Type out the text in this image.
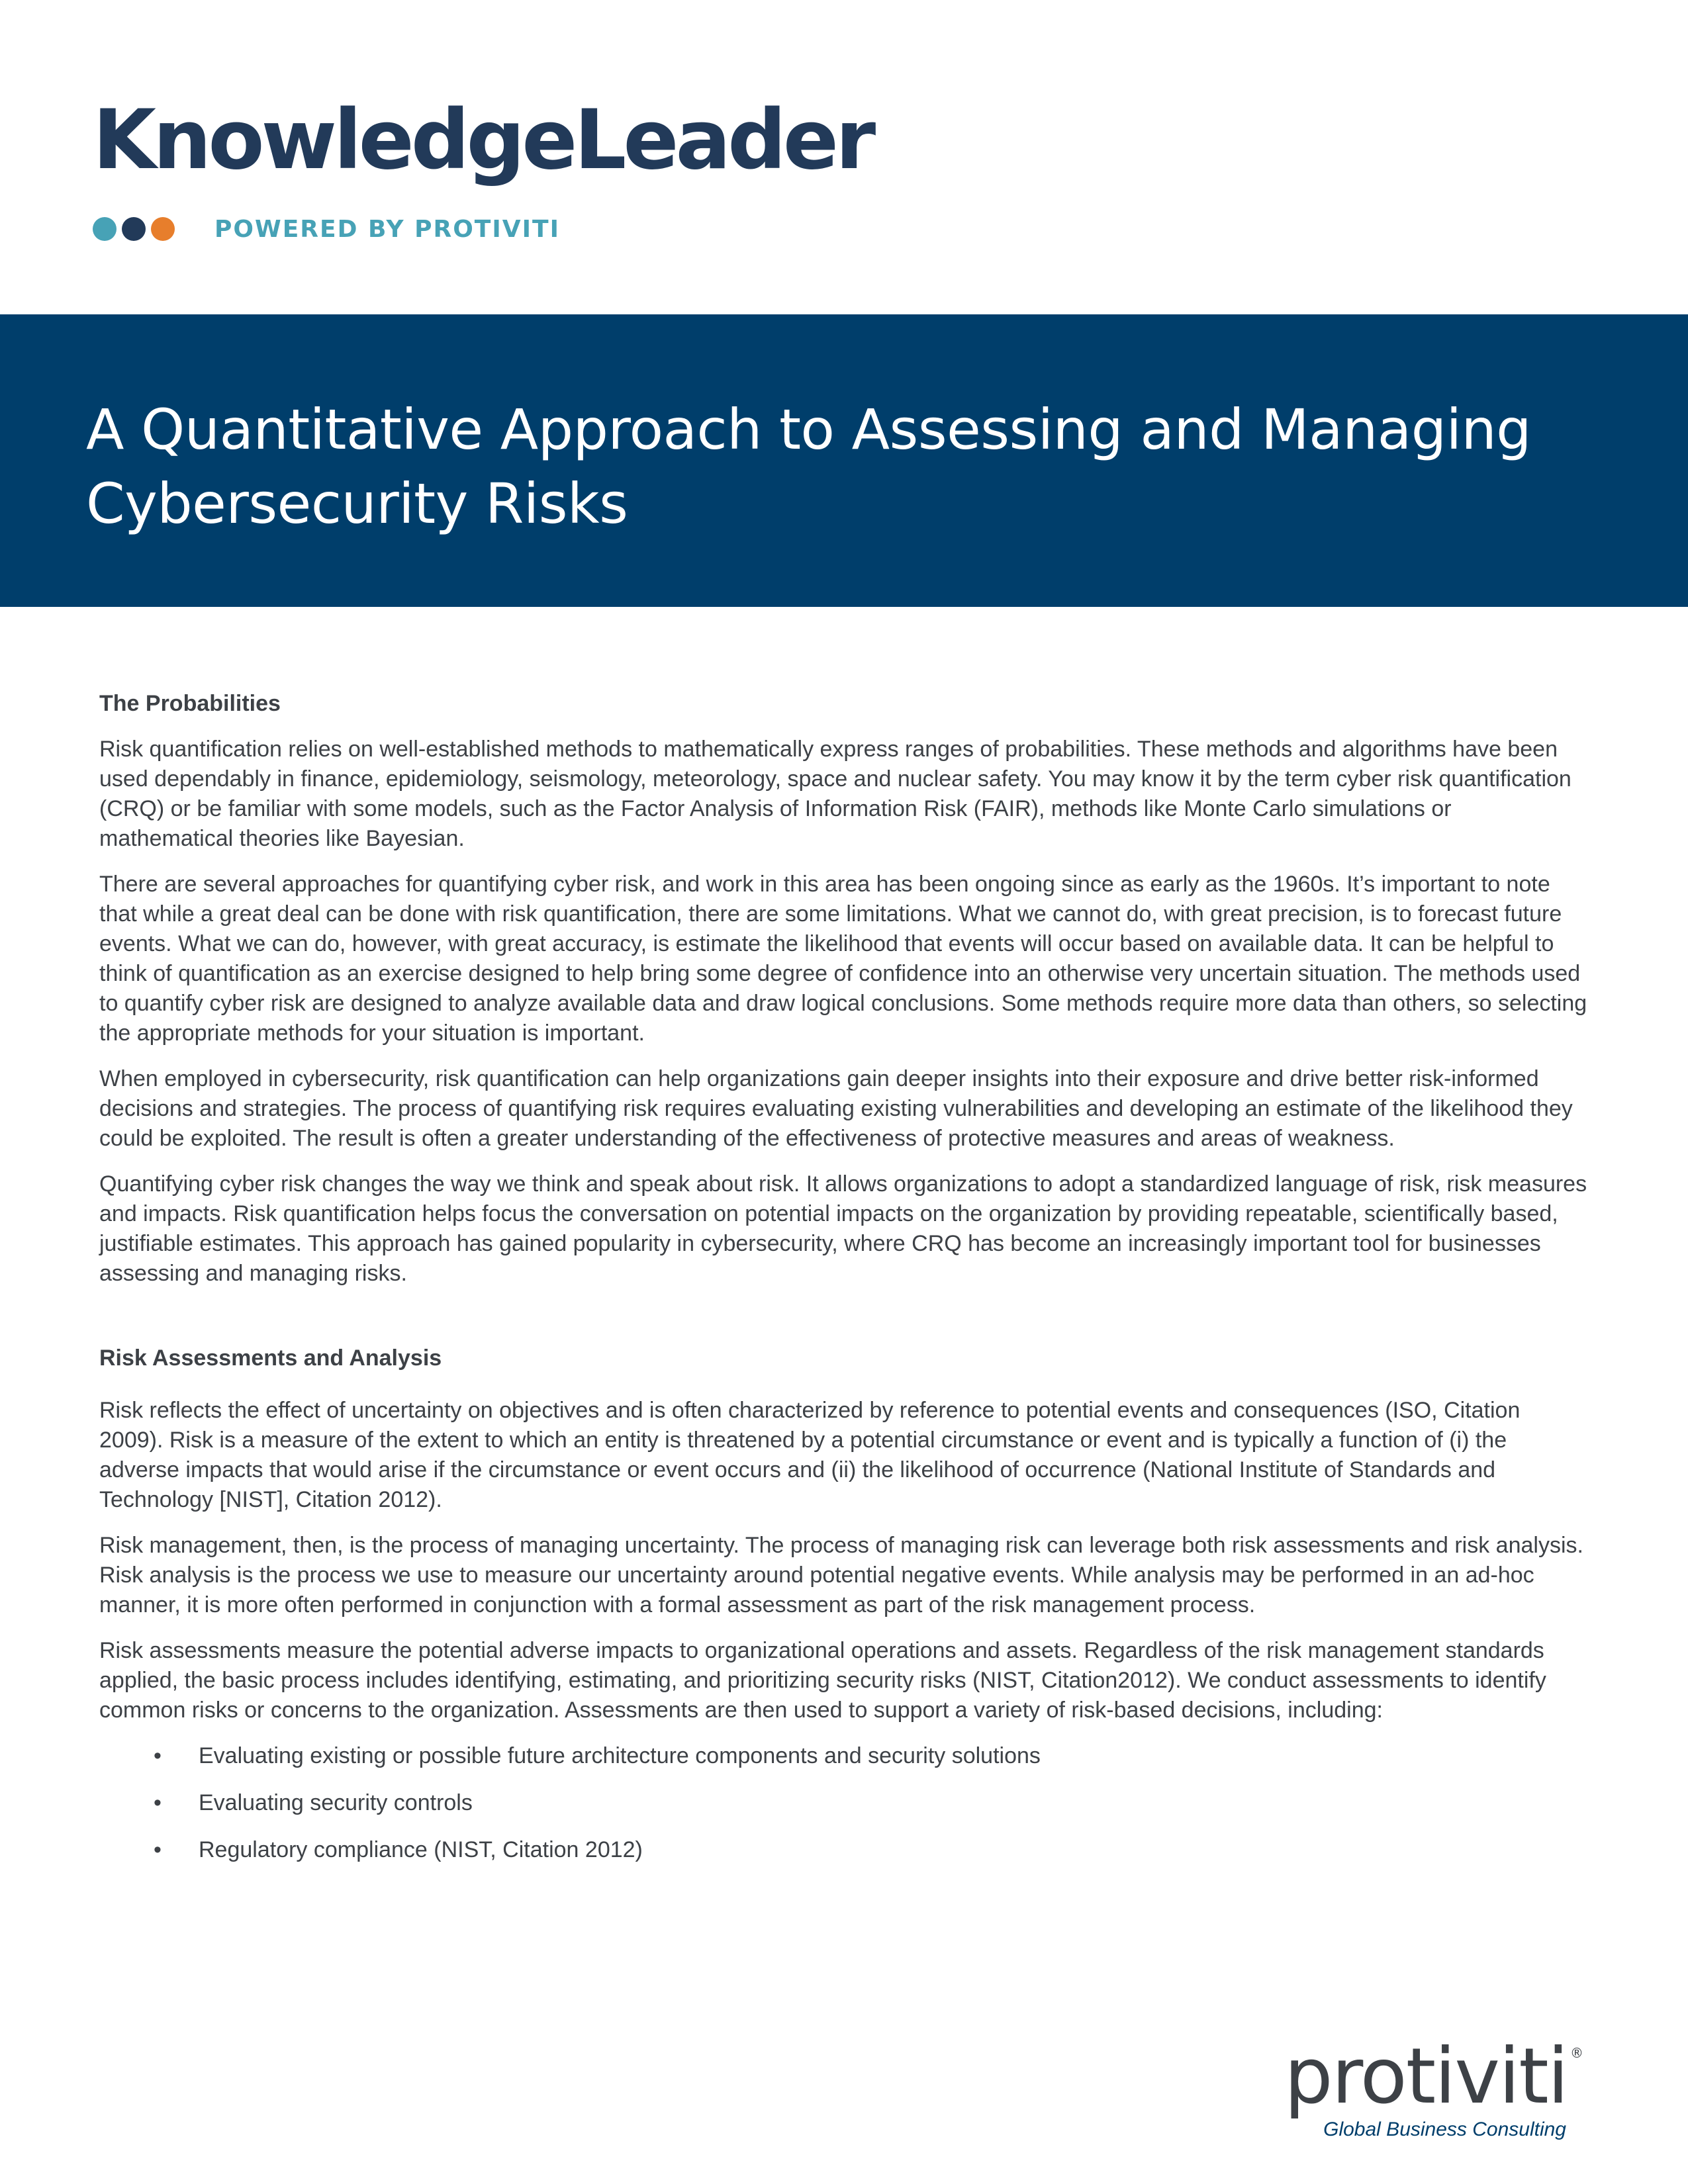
KnowledgeLeader
POWERED BY PROTIVITI
A Quantitative Approach to Assessing and Managing
Cybersecurity Risks
The Probabilities

Risk quantification relies on well-established methods to mathematically express ranges of probabilities. These methods and algorithms have been used dependably in finance, epidemiology, seismology, meteorology, space and nuclear safety. You may know it by the term cyber risk quantification (CRQ) or be familiar with some models, such as the Factor Analysis of Information Risk (FAIR), methods like Monte Carlo simulations or mathematical theories like Bayesian.

There are several approaches for quantifying cyber risk, and work in this area has been ongoing since as early as the 1960s. It’s important to note that while a great deal can be done with risk quantification, there are some limitations. What we cannot do, with great precision, is to forecast future events. What we can do, however, with great accuracy, is estimate the likelihood that events will occur based on available data. It can be helpful to think of quantification as an exercise designed to help bring some degree of confidence into an otherwise very uncertain situation. The methods used to quantify cyber risk are designed to analyze available data and draw logical conclusions. Some methods require more data than others, so selecting the appropriate methods for your situation is important.

When employed in cybersecurity, risk quantification can help organizations gain deeper insights into their exposure and drive better risk-informed decisions and strategies. The process of quantifying risk requires evaluating existing vulnerabilities and developing an estimate of the likelihood they could be exploited. The result is often a greater understanding of the effectiveness of protective measures and areas of weakness.

Quantifying cyber risk changes the way we think and speak about risk. It allows organizations to adopt a standardized language of risk, risk measures and impacts. Risk quantification helps focus the conversation on potential impacts on the organization by providing repeatable, scientifically based, justifiable estimates. This approach has gained popularity in cybersecurity, where CRQ has become an increasingly important tool for businesses assessing and managing risks.

Risk Assessments and Analysis

Risk reflects the effect of uncertainty on objectives and is often characterized by reference to potential events and consequences (ISO, Citation 2009). Risk is a measure of the extent to which an entity is threatened by a potential circumstance or event and is typically a function of (i) the adverse impacts that would arise if the circumstance or event occurs and (ii) the likelihood of occurrence (National Institute of Standards and Technology [NIST], Citation 2012).

Risk management, then, is the process of managing uncertainty. The process of managing risk can leverage both risk assessments and risk analysis. Risk analysis is the process we use to measure our uncertainty around potential negative events. While analysis may be performed in an ad-hoc manner, it is more often performed in conjunction with a formal assessment as part of the risk management process.

Risk assessments measure the potential adverse impacts to organizational operations and assets. Regardless of the risk management standards applied, the basic process includes identifying, estimating, and prioritizing security risks (NIST, Citation2012). We conduct assessments to identify common risks or concerns to the organization. Assessments are then used to support a variety of risk-based decisions, including:

• Evaluating existing or possible future architecture components and security solutions
• Evaluating security controls
• Regulatory compliance (NIST, Citation 2012)
protiviti ®
Global Business Consulting
